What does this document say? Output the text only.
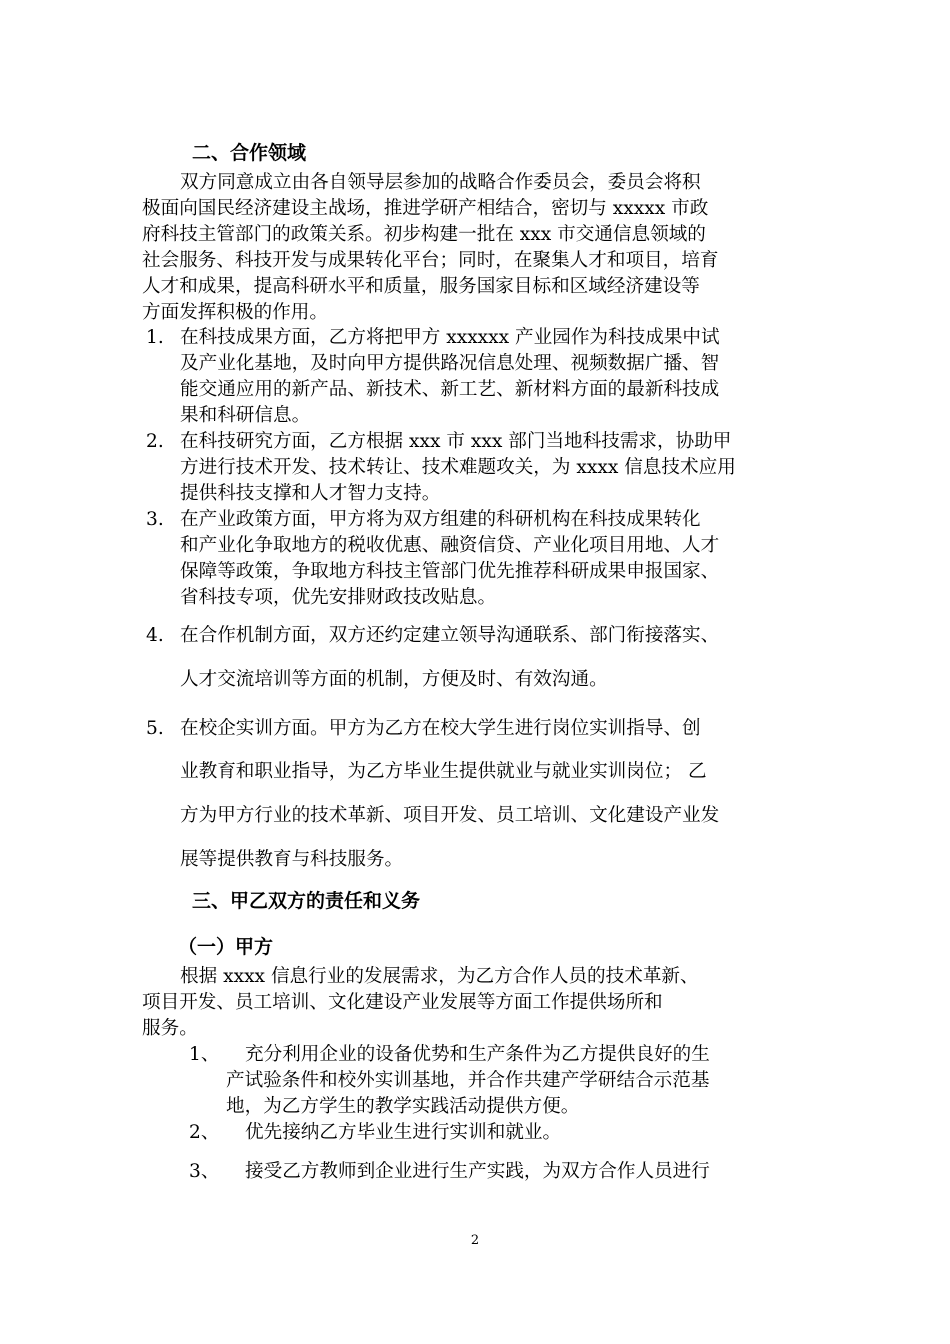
二、合作领域
双方同意成立由各自领导层参加的战略合作委员会，委员会将积
极面向国民经济建设主战场，推进学研产相结合，密切与 xxxxx 市政
府科技主管部门的政策关系。初步构建一批在 xxx 市交通信息领域的
社会服务、科技开发与成果转化平台；同时，在聚集人才和项目，培育
人才和成果，提高科研水平和质量，服务国家目标和区域经济建设等
方面发挥积极的作用。
1. 在科技成果方面，乙方将把甲方 xxxxxx 产业园作为科技成果中试
及产业化基地，及时向甲方提供路况信息处理、视频数据广播、智
能交通应用的新产品、新技术、新工艺、新材料方面的最新科技成
果和科研信息。
2. 在科技研究方面，乙方根据 xxx 市 xxx 部门当地科技需求，协助甲
方进行技术开发、技术转让、技术难题攻关，为 xxxx 信息技术应用
提供科技支撑和人才智力支持。
3. 在产业政策方面，甲方将为双方组建的科研机构在科技成果转化
和产业化争取地方的税收优惠、融资信贷、产业化项目用地、人才
保障等政策，争取地方科技主管部门优先推荐科研成果申报国家、
省科技专项，优先安排财政技改贴息。
4. 在合作机制方面，双方还约定建立领导沟通联系、部门衔接落实、
人才交流培训等方面的机制，方便及时、有效沟通。
5. 在校企实训方面。甲方为乙方在校大学生进行岗位实训指导、创
业教育和职业指导，为乙方毕业生提供就业与就业实训岗位； 乙
方为甲方行业的技术革新、项目开发、员工培训、文化建设产业发
展等提供教育与科技服务。
三、甲乙双方的责任和义务
（一）甲方
根据 xxxx 信息行业的发展需求，为乙方合作人员的技术革新、
项目开发、员工培训、文化建设产业发展等方面工作提供场所和
服务。
1、 充分利用企业的设备优势和生产条件为乙方提供良好的生
产试验条件和校外实训基地，并合作共建产学研结合示范基
地，为乙方学生的教学实践活动提供方便。
2、 优先接纳乙方毕业生进行实训和就业。
3、 接受乙方教师到企业进行生产实践，为双方合作人员进行
2
